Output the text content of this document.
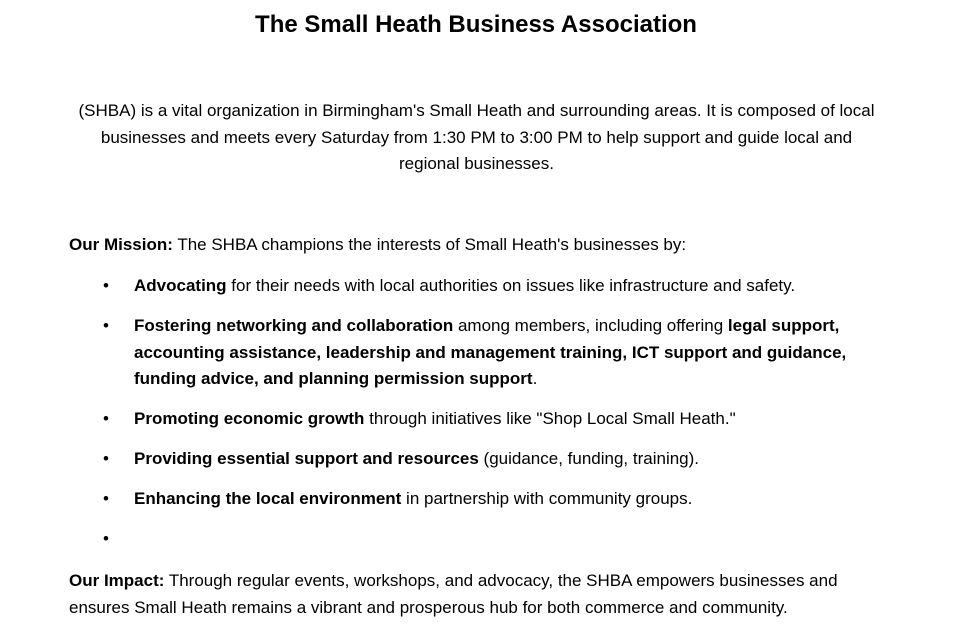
The Small Heath Business Association

(SHBA) is a vital organization in Birmingham's Small Heath and surrounding areas. It is composed of local businesses and meets every Saturday from 1:30 PM to 3:00 PM to help support and guide local and regional businesses.

Our Mission: The SHBA champions the interests of Small Heath's businesses by:

• Advocating for their needs with local authorities on issues like infrastructure and safety.
• Fostering networking and collaboration among members, including offering legal support, accounting assistance, leadership and management training, ICT support and guidance, funding advice, and planning permission support.
• Promoting economic growth through initiatives like "Shop Local Small Heath."
• Providing essential support and resources (guidance, funding, training).
• Enhancing the local environment in partnership with community groups.
•

Our Impact: Through regular events, workshops, and advocacy, the SHBA empowers businesses and ensures Small Heath remains a vibrant and prosperous hub for both commerce and community.
